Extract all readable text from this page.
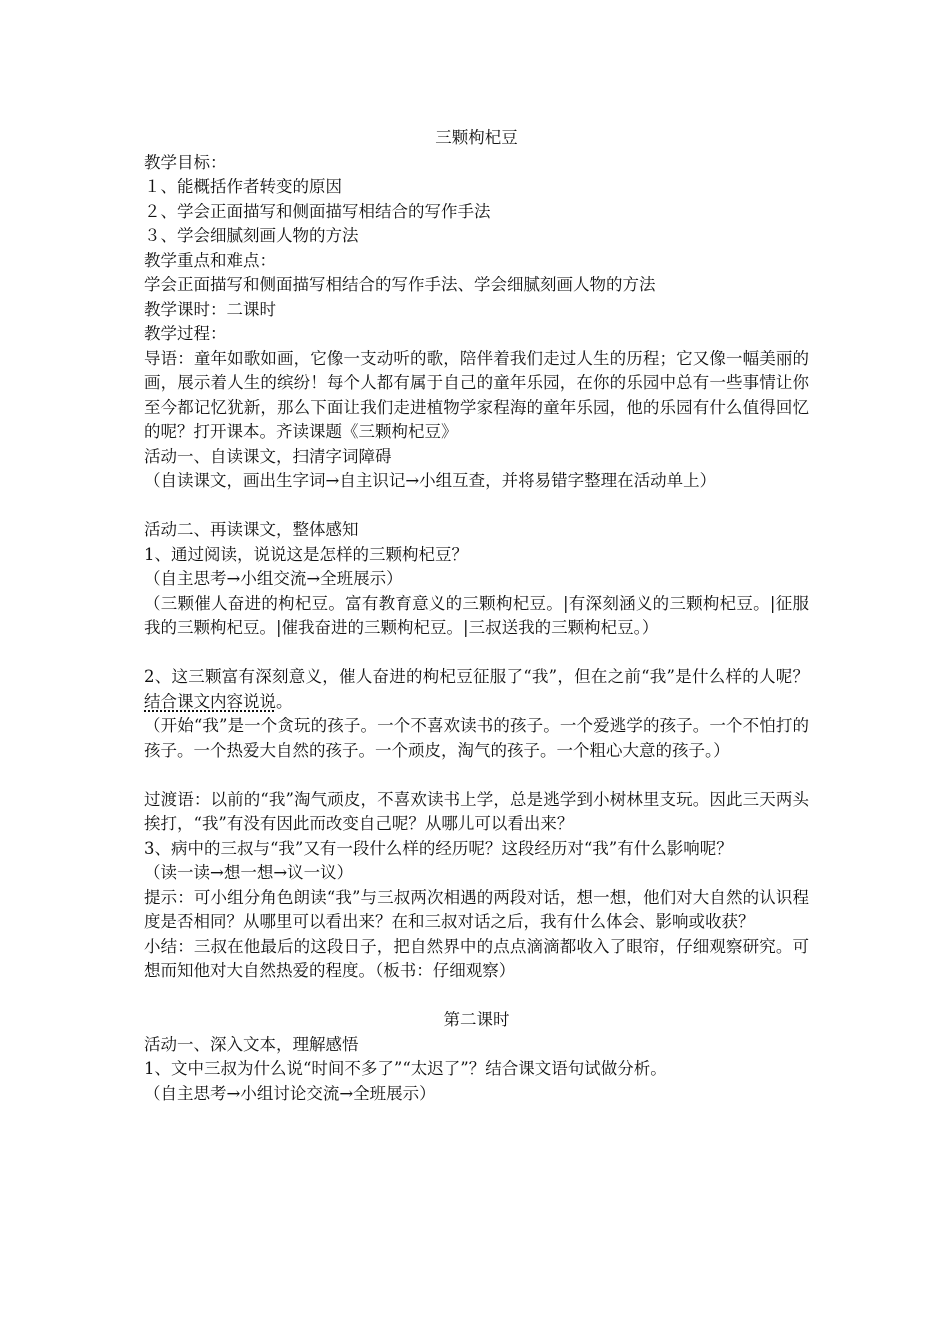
三颗枸杞豆
教学目标：
１、能概括作者转变的原因
２、学会正面描写和侧面描写相结合的写作手法
３、学会细腻刻画人物的方法
教学重点和难点：
学会正面描写和侧面描写相结合的写作手法、学会细腻刻画人物的方法
教学课时：二课时
教学过程：
导语：童年如歌如画，它像一支动听的歌，陪伴着我们走过人生的历程；它又像一幅美丽的画，展示着人生的缤纷！每个人都有属于自己的童年乐园，在你的乐园中总有一些事情让你至今都记忆犹新，那么下面让我们走进植物学家程海的童年乐园，他的乐园有什么值得回忆的呢？打开课本。齐读课题《三颗枸杞豆》
活动一、自读课文，扫清字词障碍
（自读课文，画出生字词→自主识记→小组互查，并将易错字整理在活动单上）
活动二、再读课文，整体感知
1、通过阅读，说说这是怎样的三颗枸杞豆？
（自主思考→小组交流→全班展示）
（三颗催人奋进的枸杞豆。富有教育意义的三颗枸杞豆。|有深刻涵义的三颗枸杞豆。|征服我的三颗枸杞豆。|催我奋进的三颗枸杞豆。|三叔送我的三颗枸杞豆。）
2、这三颗富有深刻意义，催人奋进的枸杞豆征服了“我”，但在之前“我”是什么样的人呢？结合课文内容说说。
（开始“我”是一个贪玩的孩子。一个不喜欢读书的孩子。一个爱逃学的孩子。一个不怕打的孩子。一个热爱大自然的孩子。一个顽皮，淘气的孩子。一个粗心大意的孩子。）
过渡语：以前的“我”淘气顽皮，不喜欢读书上学，总是逃学到小树林里支玩。因此三天两头挨打，“我”有没有因此而改变自己呢？从哪儿可以看出来？
3、病中的三叔与“我”又有一段什么样的经历呢？这段经历对“我”有什么影响呢？
（读一读→想一想→议一议）
提示：可小组分角色朗读“我”与三叔两次相遇的两段对话，想一想，他们对大自然的认识程度是否相同？从哪里可以看出来？在和三叔对话之后，我有什么体会、影响或收获？
小结：三叔在他最后的这段日子，把自然界中的点点滴滴都收入了眼帘，仔细观察研究。可想而知他对大自然热爱的程度。（板书：仔细观察）
第二课时
活动一、深入文本，理解感悟
1、文中三叔为什么说“时间不多了”“太迟了”？结合课文语句试做分析。
（自主思考→小组讨论交流→全班展示）
